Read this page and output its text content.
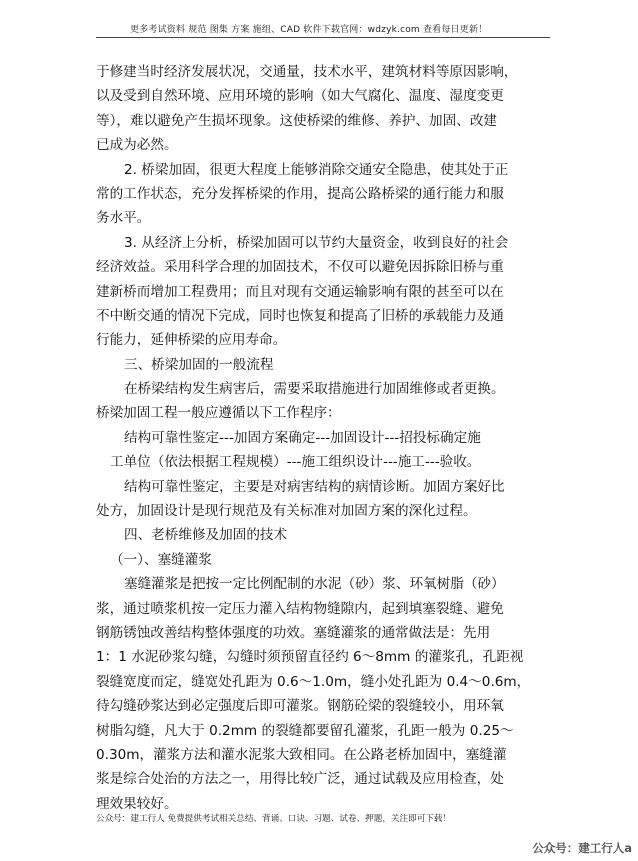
更多考试资料 规范 图集 方案 施组、CAD 软件下载官网：wdzyk.com 查看每日更新！
于修建当时经济发展状况，交通量，技术水平，建筑材料等原因影响，
以及受到自然环境、应用环境的影响（如大气腐化、温度、湿度变更
等），难以避免产生损坏现象。这使桥梁的维修、养护、加固、改建
已成为必然。
2. 桥梁加固，很更大程度上能够消除交通安全隐患，使其处于正
常的工作状态，充分发挥桥梁的作用，提高公路桥梁的通行能力和服
务水平。
3. 从经济上分析，桥梁加固可以节约大量资金，收到良好的社会
经济效益。采用科学合理的加固技术，不仅可以避免因拆除旧桥与重
建新桥而增加工程费用；而且对现有交通运输影响有限的甚至可以在
不中断交通的情况下完成，同时也恢复和提高了旧桥的承载能力及通
行能力，延伸桥梁的应用寿命。
三、桥梁加固的一般流程
在桥梁结构发生病害后，需要采取措施进行加固维修或者更换。
桥梁加固工程一般应遵循以下工作程序：
结构可靠性鉴定---加固方案确定---加固设计---招投标确定施
工单位（依法根据工程规模）---施工组织设计---施工---验收。
结构可靠性鉴定，主要是对病害结构的病情诊断。加固方案好比
处方，加固设计是现行规范及有关标准对加固方案的深化过程。
四、老桥维修及加固的技术
（一）、塞缝灌浆
塞缝灌浆是把按一定比例配制的水泥（砂）浆、环氧树脂（砂）
浆，通过喷浆机按一定压力灌入结构物缝隙内，起到填塞裂缝、避免
钢筋锈蚀改善结构整体强度的功效。塞缝灌浆的通常做法是：先用
1：1 水泥砂浆勾缝，勾缝时须预留直径约 6～8mm 的灌浆孔，孔距视
裂缝宽度而定，缝宽处孔距为 0.6～1.0m，缝小处孔距为 0.4～0.6m，
待勾缝砂浆达到必定强度后即可灌浆。钢筋砼梁的裂缝较小，用环氧
树脂勾缝，凡大于 0.2mm 的裂缝都要留孔灌浆，孔距一般为 0.25～
0.30m，灌浆方法和灌水泥浆大致相同。在公路老桥加固中，塞缝灌
浆是综合处治的方法之一，用得比较广泛，通过试载及应用检查，处
理效果较好。
公众号：建工行人 免费提供考试相关总结、背诵、口诀、习题、试卷、押题，关注即可下载！
公众号：建工行人a
